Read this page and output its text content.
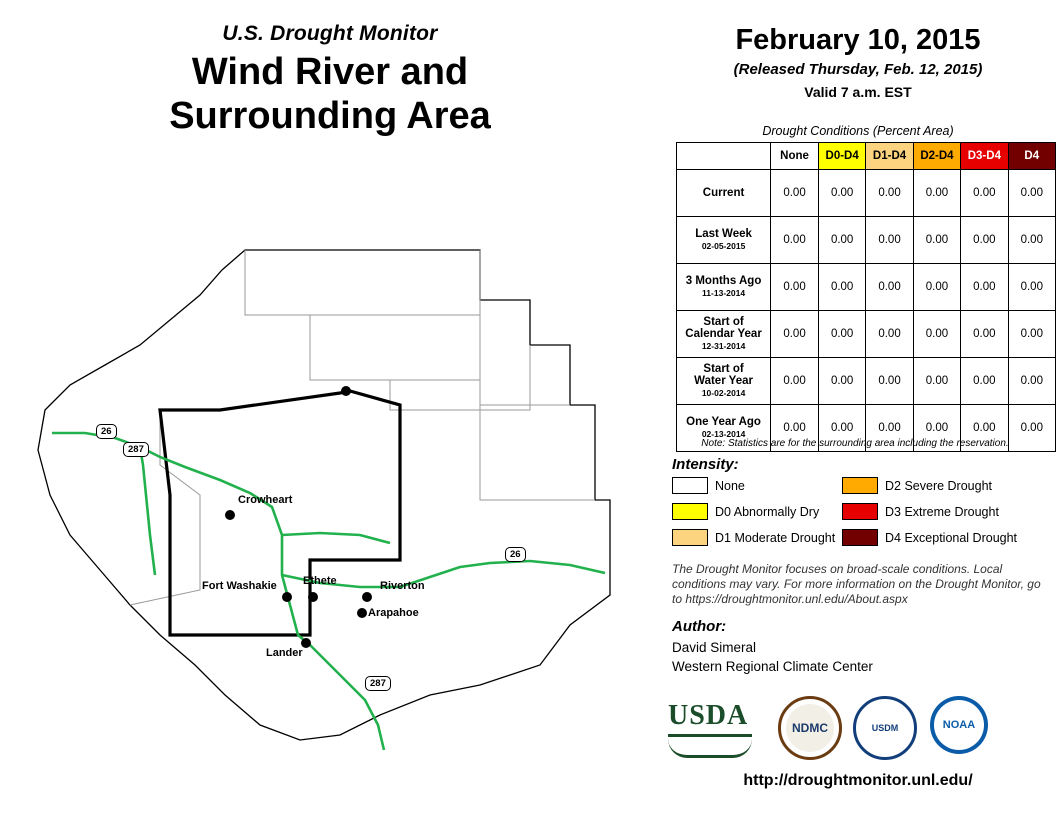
U.S. Drought Monitor
Wind River and
Surrounding Area
February 10, 2015
(Released Thursday, Feb. 12, 2015)
Valid 7 a.m. EST
Drought Conditions (Percent Area)
	None	D0-D4	D1-D4	D2-D4	D3-D4	D4

Current	0.00	0.00	0.00	0.00	0.00	0.00

Last Week
02-05-2015	0.00	0.00	0.00	0.00	0.00	0.00

3 Months Ago
11-13-2014	0.00	0.00	0.00	0.00	0.00	0.00

Start of
Calendar Year
12-31-2014	0.00	0.00	0.00	0.00	0.00	0.00

Start of
Water Year
10-02-2014	0.00	0.00	0.00	0.00	0.00	0.00

One Year Ago
02-13-2014	0.00	0.00	0.00	0.00	0.00	0.00
Note: Statistics are for the surrounding area including the reservation.
Intensity:
None	D2 Severe Drought
D0 Abnormally Dry	D3 Extreme Drought
D1 Moderate Drought	D4 Exceptional Drought
The Drought Monitor focuses on broad-scale conditions. Local conditions may vary. For more information on the Drought Monitor, go to https://droughtmonitor.unl.edu/About.aspx
Author:
David Simeral
Western Regional Climate Center
USDA	NDMC	USDM	NOAA
http://droughtmonitor.unl.edu/
Crowheart
Fort Washakie Ethete	Riverton
Arapahoe
Lander
26
287
26
287
